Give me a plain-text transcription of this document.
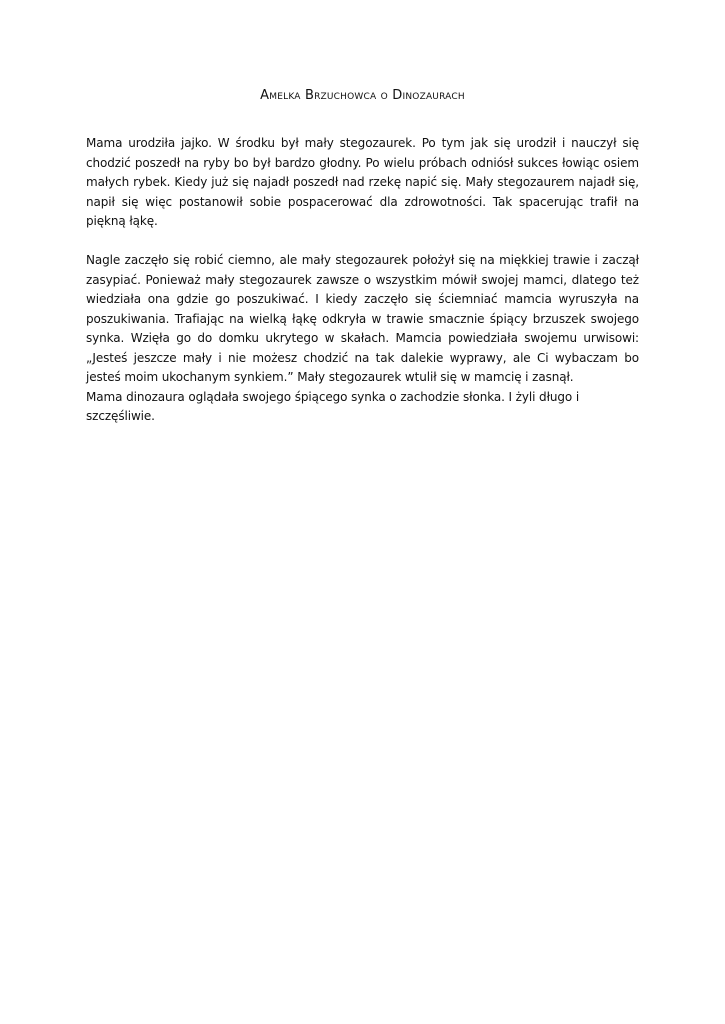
Amelka Brzuchowca o Dinozaurach

Mama urodziła jajko. W środku był mały stegozaurek. Po tym jak się urodził i nauczył się chodzić poszedł na ryby bo był bardzo głodny. Po wielu próbach odniósł sukces łowiąc osiem małych rybek. Kiedy już się najadł poszedł nad rzekę napić się. Mały stegozaurem najadł się, napił się więc postanowił sobie pospacerować dla zdrowotności. Tak spacerując trafił na piękną łąkę.

Nagle zaczęło się robić ciemno, ale mały stegozaurek położył się na miękkiej trawie i zaczął zasypiać. Ponieważ mały stegozaurek zawsze o wszystkim mówił swojej mamci, dlatego też wiedziała ona gdzie go poszukiwać. I kiedy zaczęło się ściemniać mamcia wyruszyła na poszukiwania. Trafiając na wielką łąkę odkryła w trawie smacznie śpiący brzuszek swojego synka. Wzięła go do domku ukrytego w skałach. Mamcia powiedziała swojemu urwisowi: „Jesteś jeszcze mały i nie możesz chodzić na tak dalekie wyprawy, ale Ci wybaczam bo jesteś moim ukochanym synkiem.” Mały stegozaurek wtulił się w mamcię i zasnął.

Mama dinozaura oglądała swojego śpiącego synka o zachodzie słonka. I żyli długo i szczęśliwie.
